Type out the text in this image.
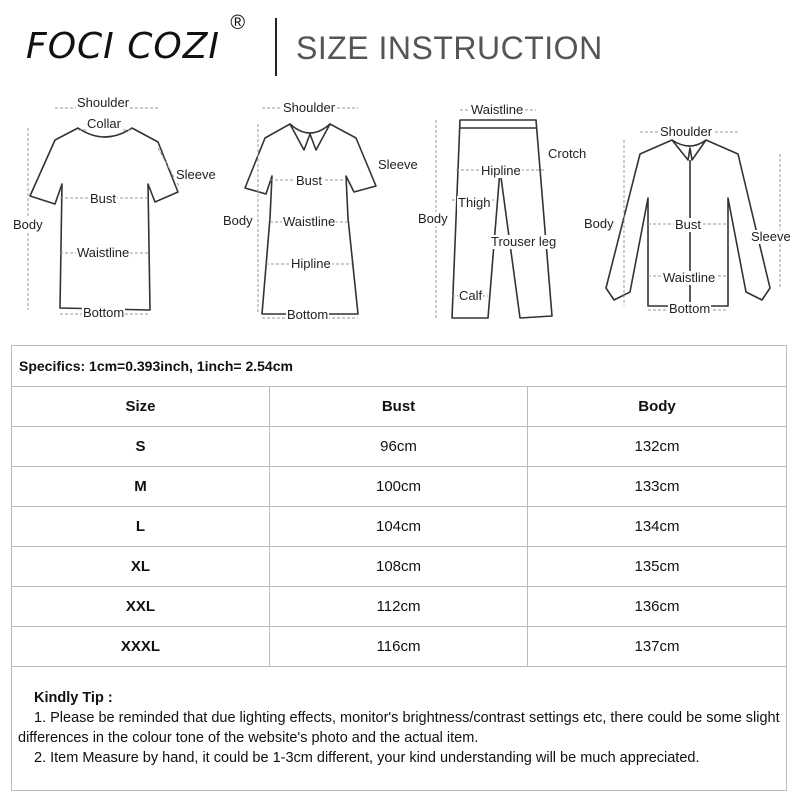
FOCI COZI
®
SIZE INSTRUCTION
Shoulder
Collar
Sleeve
Bust
Body
Waistline
Bottom
Shoulder
Sleeve
Bust
Body Waistline
Hipline
Bottom
Waistline
Crotch
Hipline
Body
Thigh
Trouser leg
Calf
Shoulder
Body	Bust
Sleeve
Waistline
Bottom
Specifics: 1cm=0.393inch, 1inch= 2.54cm
Size	Bust	Body
S	96cm	132cm
M	100cm	133cm
L	104cm	134cm
XL	108cm	135cm
XXL	112cm	136cm
XXXL	116cm	137cm
Kindly Tip :
1. Please be reminded that due lighting effects, monitor's brightness/contrast settings etc, there could be some slight differences in the colour tone of the website's photo and the actual item.
2. Item Measure by hand, it could be 1-3cm different, your kind understanding will be much appreciated.
